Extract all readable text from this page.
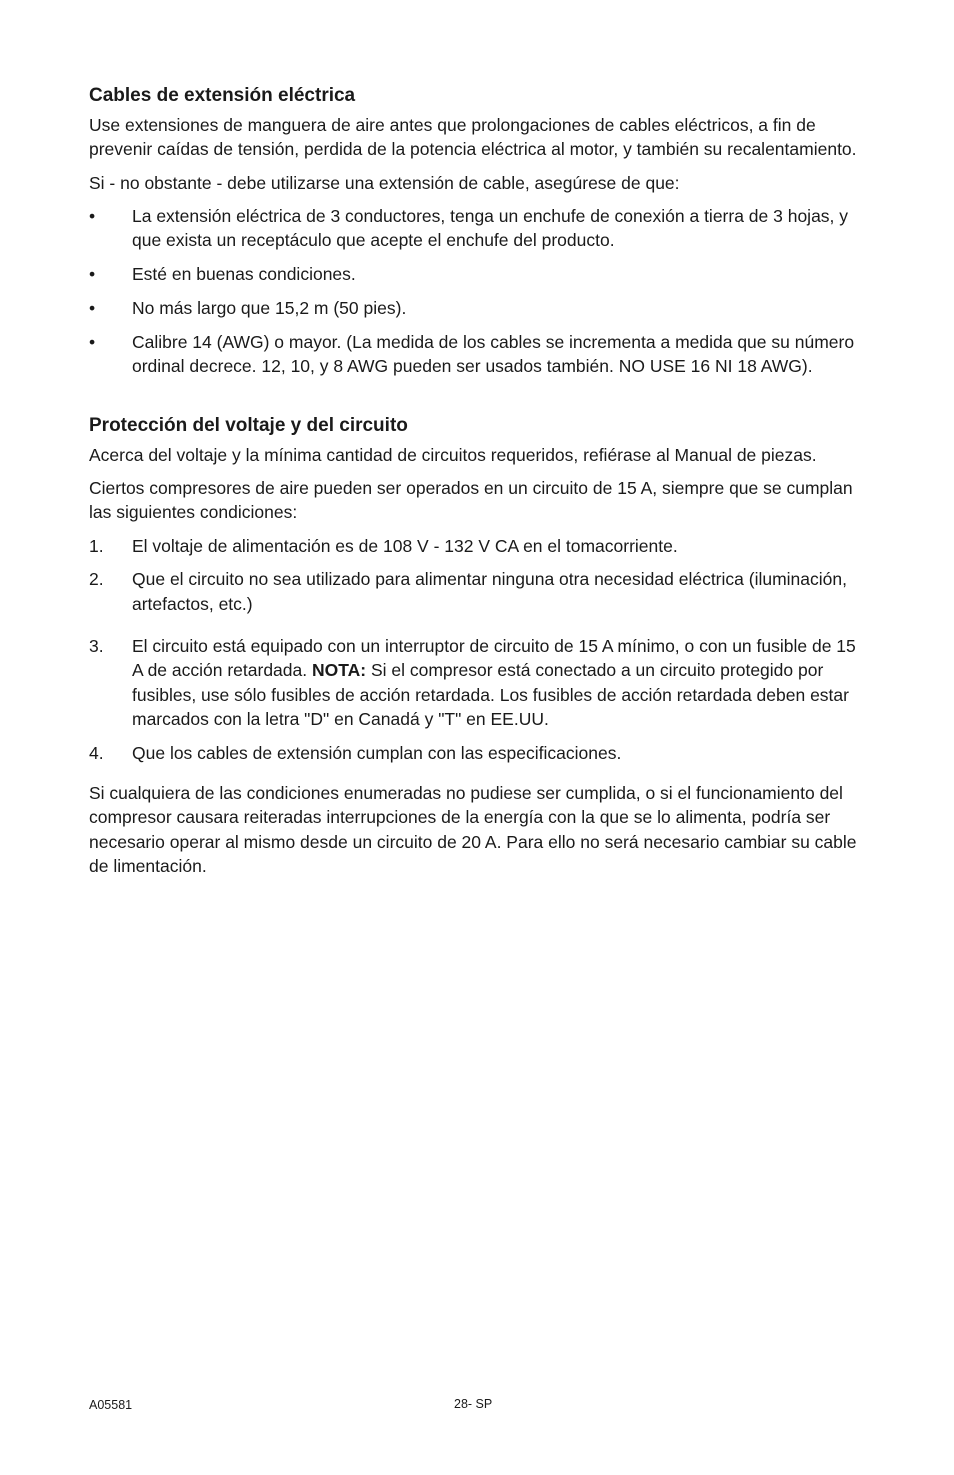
Cables de extensión eléctrica

Use extensiones de manguera de aire antes que prolongaciones de cables eléctricos, a fin de prevenir caídas de tensión, perdida de la potencia eléctrica al motor, y también su recalentamiento.

Si - no obstante - debe utilizarse una extensión de cable, asegúrese de que:

• La extensión eléctrica de 3 conductores, tenga un enchufe de conexión a tierra de 3 hojas, y que exista un receptáculo que acepte el enchufe del producto.
• Esté en buenas condiciones.
• No más largo que 15,2 m (50 pies).
• Calibre 14 (AWG) o mayor. (La medida de los cables se incrementa a medida que su número ordinal decrece. 12, 10, y 8 AWG pueden ser usados también. NO USE 16 NI 18 AWG).
Protección del voltaje y del circuito

Acerca del voltaje y la mínima cantidad de circuitos requeridos, refiérase al Manual de piezas.

Ciertos compresores de aire pueden ser operados en un circuito de 15 A, siempre que se cumplan las siguientes condiciones:

1. El voltaje de alimentación es de 108 V - 132 V CA en el tomacorriente.
2. Que el circuito no sea utilizado para alimentar ninguna otra necesidad eléctrica (iluminación, artefactos, etc.)
3. El circuito está equipado con un interruptor de circuito de 15 A mínimo, o con un fusible de 15 A de acción retardada. NOTA: Si el compresor está conectado a un circuito protegido por fusibles, use sólo fusibles de acción retardada. Los fusibles de acción retardada deben estar marcados con la letra "D" en Canadá y "T" en EE.UU.
4. Que los cables de extensión cumplan con las especificaciones.

Si cualquiera de las condiciones enumeradas no pudiese ser cumplida, o si el funcionamiento del compresor causara reiteradas interrupciones de la energía con la que se lo alimenta, podría ser necesario operar al mismo desde un circuito de 20 A. Para ello no será necesario cambiar su cable de limentación.

A05581	28- SP
